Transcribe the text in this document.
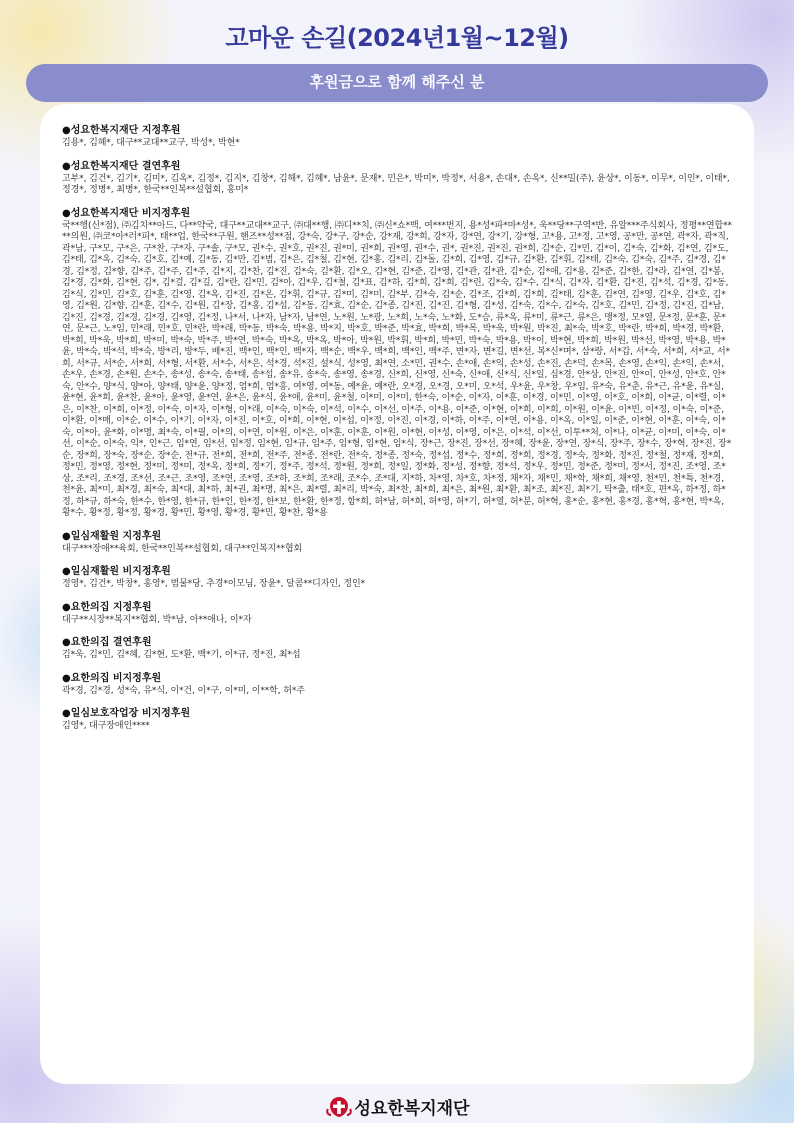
고마운 손길(2024년1월~12월)
후원금으로 함께 해주신 분
●성요한복지재단 지정후원
김용*, 김혜*, 대구**교대**교구, 박성*, 박현*
●성요한복지재단 결연후원
고부*, 김건*, 김기*, 김미*, 김옥*, 김정*, 김지*, 김창*, 김해*, 김혜*, 남윤*, 문재*, 민은*, 박미*, 박정*, 서용*, 손대*, 손옥*, 신**밀(주), 윤상*, 이동*, 이무*, 이인*, 이태*, 정경*, 정병*, 최병*, 한국**인복**설협회, 홍미*
●성요한복지재단 비지정후원
국**행(신*점), ㈜김치**아드, 다**약국, 대구**교대**교구, ㈜대**행, ㈜디**치, ㈜신*쇼*백, 여***번지, 용*성*파*마*성*, 욱**당**구역*반, 유알***주식회사, 정평**연합****의원, ㈜코*아*러*피*, 태**업, 한국**구원, 핸즈**성**점, 강*숙, 강*구, 강*순, 강*재, 강*희, 강*자, 강*연, 강*기, 강*형, 고*용, 고*정, 고*영, 공*만, 공*연, 곽*자, 곽*직, 곽*남, 구*모, 구*은, 구*찬, 구*자, 구*솔, 구*모, 권*수, 권*호, 권*진, 권*미, 권*희, 권*영, 권*수, 권*, 권*진, 권*진, 권*희, 김*순, 김*민, 김*이, 김*숙, 김*화, 김*연, 김*도, 김*태, 김*옥, 김*숙, 김*호, 김*예, 김*동, 김*만, 김*범, 김*은, 김*철, 김*현, 김*홍, 김*리, 김*돌, 김*희, 김*영, 김*규, 김*환, 김*휘, 김*태, 김*숙, 김*숙, 김*주, 김*경, 김*경, 김*정, 김*향, 김*주, 김*주, 김*주, 김*지, 김*찬, 김*진, 김*숙, 김*환, 김*오, 김*현, 김*준, 김*영, 김*관, 김*관, 김*순, 김*애, 김*용, 김*준, 김*한, 김*라, 김*연, 김*봉, 김*경, 김*화, 김*현, 김*, 김*걸, 김*길, 김*란, 김*민, 김*아, 김*우, 김*철, 김*표, 김*하, 김*희, 김*희, 김*린, 김*숙, 김*수, 김*식, 김*자, 김*환, 김*진, 김*석, 김*경, 김*동, 김*식, 김*민, 김*호, 김*훈, 김*영, 김*옥, 김*진, 김*온, 김*휘, 김*규, 김*미, 김*미, 김*부, 김*숙, 김*순, 김*조, 김*희, 김*희, 김*태, 김*훈, 김*연, 김*영, 김*우, 김*호, 김*영, 김*원, 김*향, 김*훈, 김*수, 김*원, 김*장, 김*홍, 김*섭, 김*동, 김*효, 김*순, 김*종, 김*진, 김*진, 김*형, 김*성, 김*숙, 김*수, 김*숙, 김*호, 김*민, 김*정, 김*진, 김*남, 김*진, 김*경, 김*경, 김*경, 김*영, 김*정, 나*서, 나*자, 남*자, 남*연, 노*원, 노*광, 노*희, 노*숙, 노*화, 도*승, 류*옥, 류*미, 류*근, 류*은, 맹*정, 모*열, 문*정, 문*훈, 문*연, 문*근, 노*임, 민*래, 민*호, 민*란, 박*래, 박*동, 박*숙, 박*용, 박*지, 박*호, 박*준, 박*효, 박*희, 박*목, 박*욱, 박*원, 박*진, 최*숙, 박*호, 박*란, 박*희, 박*경, 박*환, 박*희, 박*욱, 박*희, 박*미, 박*숙, 박*주, 박*연, 박*숙, 박*옥, 박*옥, 박*아, 박*원, 박*휘, 박*희, 박*민, 박*숙, 박*용, 박*이, 박*현, 박*희, 박*원, 박*선, 박*영, 박*용, 박*윤, 박*숙, 박*석, 박*숙, 방*리, 방*두, 배*진, 백*인, 백*인, 백*자, 백*순, 백*우, 백*희, 백*인, 백*주, 변*자, 변*길, 변*선, 복*신*며*, 삼*랑, 서*갑, 서*숙, 서*희, 서*교, 서*희, 서*규, 서*순, 서*희, 서*형, 서*환, 서*수, 서*은, 석*경, 석*진, 설*식, 성*영, 최*연, 소*민, 권*수, 손*애, 손*익, 손*성, 손*진, 손*덕, 손*목, 손*영, 손*익, 손*익, 손*서, 손*우, 손*경, 손*원, 손*수, 송*성, 송*숙, 송*태, 송*섭, 송*유, 송*숙, 송*영, 송*경, 신*희, 신*영, 신*숙, 신*애, 신*식, 신*일, 심*경, 안*상, 안*진, 안*이, 안*성, 안*호, 안*숙, 안*수, 양*식, 양*아, 양*태, 양*윤, 양*정, 엄*희, 엄*흥, 여*영, 여*동, 예*윤, 예*란, 오*경, 오*경, 오*미, 오*석, 우*윤, 우*창, 우*임, 유*숙, 유*춘, 유*근, 유*윤, 유*실, 윤*현, 윤*희, 윤*찬, 윤*아, 윤*영, 윤*연, 윤*은, 윤*식, 윤*애, 윤*미, 윤*철, 이*미, 이*미, 한*숙, 이*순, 이*자, 이*훈, 이*경, 이*민, 이*영, 이*호, 이*희, 이*균, 이*렬, 이*은, 이*찬, 이*희, 이*정, 이*숙, 이*자, 이*형, 이*래, 이*숙, 이*숙, 이*석, 이*수, 이*선, 이*주, 이*용, 이*준, 이*현, 이*희, 이*희, 이*원, 이*윤, 이*빈, 이*정, 이*숙, 이*준, 이*환, 이*매, 이*순, 이*수, 이*기, 이*자, 이*진, 이*호, 이*희, 이*현, 이*섭, 이*정, 이*진, 이*경, 이*하, 이*주, 이*연, 이*용, 이*옥, 이*일, 이*준, 이*현, 이*훈, 이*숙, 이*숙, 이*아, 윤*화, 이*명, 최*숙, 이*필, 이*의, 이*연, 이*원, 이*은, 이*훈, 이*훈, 이*원, 이*현, 이*성, 이*영, 이*은, 이*석, 이*선, 이투**처, 이*나, 이*균, 이*미, 이*숙, 이*선, 이*순, 이*숙, 익*, 인*근, 임*연, 임*선, 임*정, 임*현, 임*규, 임*주, 임*형, 임*현, 임*식, 장*근, 장*진, 장*선, 장*혜, 장*윤, 장*연, 장*식, 장*주, 장*수, 장*혁, 장*진, 장*순, 장*희, 장*숙, 장*순, 장*순, 전*규, 전*희, 전*희, 전*주, 전*종, 전*란, 전*숙, 정*종, 정*숙, 정*섭, 정*수, 정*희, 정*희, 정*경, 정*숙, 정*화, 정*진, 정*철, 정*재, 정*희, 정*민, 정*영, 정*현, 정*미, 정*미, 정*옥, 정*희, 정*기, 정*주, 정*석, 정*원, 정*희, 정*일, 정*화, 정*성, 정*향, 정*석, 정*우, 정*민, 정*준, 정*미, 정*서, 정*진, 조*영, 조*상, 조*리, 조*경, 조*선, 조*근, 조*영, 조*연, 조*영, 조*하, 조*희, 조*래, 조*수, 조*대, 지*하, 차*영, 차*호, 차*정, 채*자, 채*민, 채*학, 채*희, 채*영, 천*민, 천*특, 천*경, 천*윤, 최*미, 최*경, 최*숙, 최*대, 최*하, 최*권, 최*명, 최*은, 최*렬, 최*리, 박*숙, 최*찬, 최*희, 최*은, 최*원, 최*환, 최*조, 최*진, 최*기, 탁*출, 태*호, 편*옥, 하*정, 하*정, 하*규, 하*숙, 한*수, 한*영, 한*규, 한*인, 한*정, 한*보, 한*환, 한*정, 함*희, 허*남, 허*희, 허*영, 허*기, 허*열, 허*분, 허*혁, 홍*순, 홍*현, 홍*경, 홍*혁, 홍*현, 박*옥, 황*수, 황*정, 황*정, 황*경, 황*민, 황*영, 황*경, 황*민, 황*찬, 황*용
●일심재활원 지정후원
대구***장애**육회, 한국**인복**설협회, 대구**인복지**협회
●일심재활원 비지정후원
정영*, 김건*, 박창*, 홍영*, 범물*당, 추경*이모님, 장윤*, 달콤**디자인, 정인*
●요한의집 지정후원
대구**시장**복지**협회, 박*남, 아**애나, 이*자
●요한의집 결연후원
김*욱, 김*민, 김*혜, 김*현, 도*환, 백*기, 이*규, 정*진, 최*섭
●요한의집 비지정후원
곽*경, 김*경, 성*숙, 유*식, 이*건, 이*구, 이*미, 이**학, 허*주
●일심보호작업장 비지정후원
김영*, 대구장애인****
성요한복지재단
